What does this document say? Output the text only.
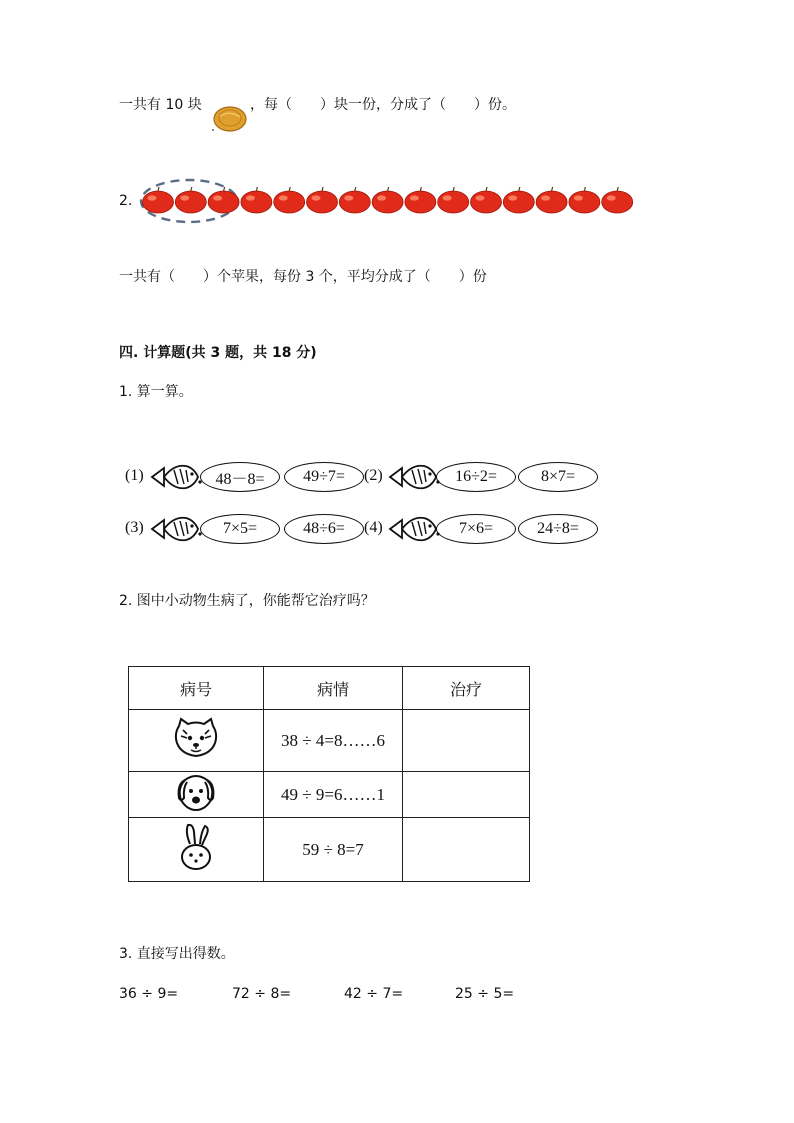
一共有 10 块	，每（　　）块一份，分成了（　　）份。
2.
一共有（　　）个苹果，每份 3 个，平均分成了（　　）份
四. 计算题(共 3 题，共 18 分)
1. 算一算。
(1)	48－8=	49÷7=	(2)	16÷2=	8×7=
(3)	7×5=	48÷6=	(4)	7×6=	24÷8=
2. 图中小动物生病了，你能帮它治疗吗？
病号	病情	治疗
	38 ÷ 4=8……6	
	49 ÷ 9=6……1	
	59 ÷ 8=7	
3. 直接写出得数。
36 ÷ 9=	72 ÷ 8=	42 ÷ 7=	25 ÷ 5=
